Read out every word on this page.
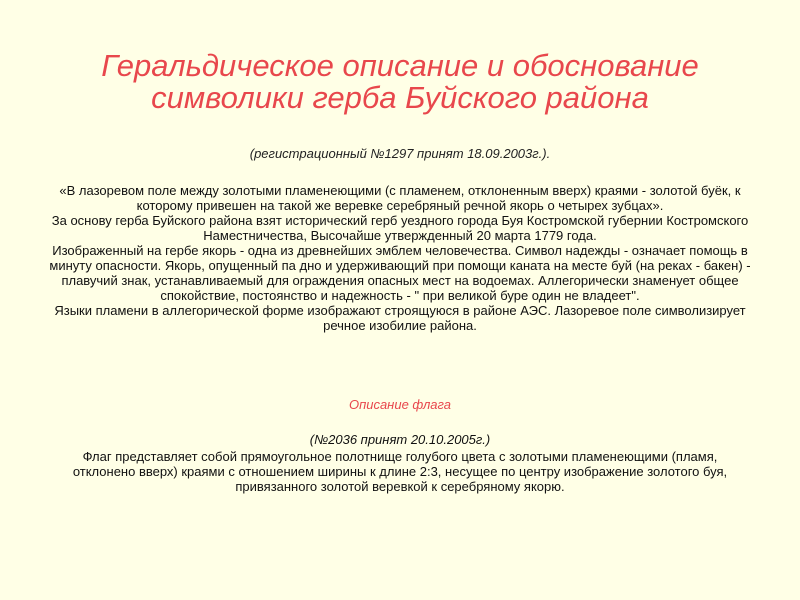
Геральдическое описание и обоснование
символики герба Буйского района
(регистрационный №1297 принят 18.09.2003г.).

«В лазоревом поле между золотыми пламенеющими (с пламенем, отклоненным вверх) краями - золотой буёк, к которому привешен на такой же веревке серебряный речной якорь о четырех зубцах».

За основу герба Буйского района взят исторический герб уездного города Буя Костромской губернии Костромского Наместничества, Высочайше утвержденный 20 марта 1779 года.

Изображенный на гербе якорь - одна из древнейших эмблем человечества. Символ надежды - означает помощь в минуту опасности. Якорь, опущенный па дно и удерживающий при помощи каната на месте буй (на реках - бакен) - плавучий знак, устанавливаемый для ограждения опасных мест на водоемах. Аллегорически знаменует общее спокойствие, постоянство и надежность - " при великой буре один не владеет".

Языки пламени в аллегорической форме изображают строящуюся в районе АЭС. Лазоревое поле символизирует речное изобилие района.

Описание флага
(№2036 принят 20.10.2005г.)
Флаг представляет собой прямоугольное полотнище голубого цвета с золотыми пламенеющими (пламя, отклонено вверх) краями с отношением ширины к длине 2:3, несущее по центру изображение золотого буя, привязанного золотой веревкой к серебряному якорю.
